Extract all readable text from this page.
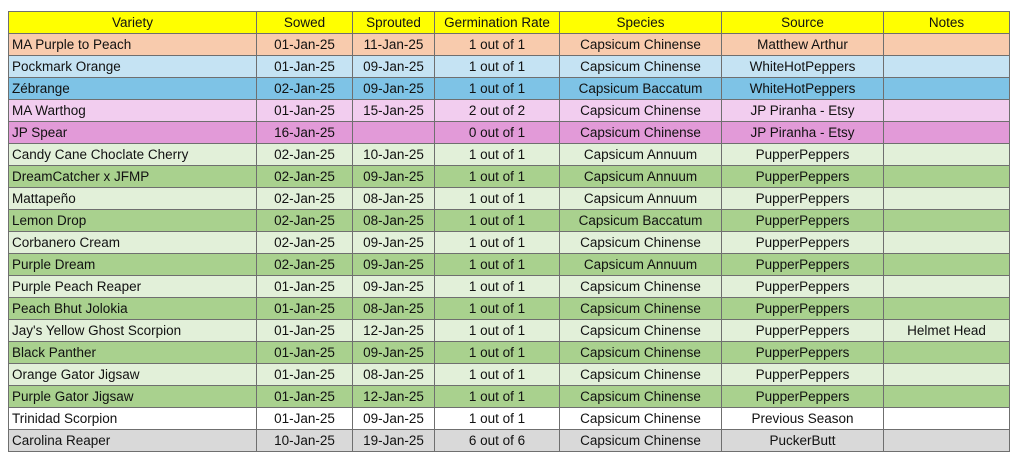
Variety	Sowed	Sprouted	Germination Rate	Species	Source	Notes
MA Purple to Peach	01-Jan-25	11-Jan-25	1 out of 1	Capsicum Chinense	Matthew Arthur	
Pockmark Orange	01-Jan-25	09-Jan-25	1 out of 1	Capsicum Chinense	WhiteHotPeppers	
Zébrange	02-Jan-25	09-Jan-25	1 out of 1	Capsicum Baccatum	WhiteHotPeppers	
MA Warthog	01-Jan-25	15-Jan-25	2 out of 2	Capsicum Chinense	JP Piranha - Etsy	
JP Spear	16-Jan-25		0 out of 1	Capsicum Chinense	JP Piranha - Etsy	
Candy Cane Choclate Cherry	02-Jan-25	10-Jan-25	1 out of 1	Capsicum Annuum	PupperPeppers	
DreamCatcher x JFMP	02-Jan-25	09-Jan-25	1 out of 1	Capsicum Annuum	PupperPeppers	
Mattapeño	02-Jan-25	08-Jan-25	1 out of 1	Capsicum Annuum	PupperPeppers	
Lemon Drop	02-Jan-25	08-Jan-25	1 out of 1	Capsicum Baccatum	PupperPeppers	
Corbanero Cream	02-Jan-25	09-Jan-25	1 out of 1	Capsicum Chinense	PupperPeppers	
Purple Dream	02-Jan-25	09-Jan-25	1 out of 1	Capsicum Annuum	PupperPeppers	
Purple Peach Reaper	01-Jan-25	09-Jan-25	1 out of 1	Capsicum Chinense	PupperPeppers	
Peach Bhut Jolokia	01-Jan-25	08-Jan-25	1 out of 1	Capsicum Chinense	PupperPeppers	
Jay's Yellow Ghost Scorpion	01-Jan-25	12-Jan-25	1 out of 1	Capsicum Chinense	PupperPeppers	Helmet Head
Black Panther	01-Jan-25	09-Jan-25	1 out of 1	Capsicum Chinense	PupperPeppers	
Orange Gator Jigsaw	01-Jan-25	08-Jan-25	1 out of 1	Capsicum Chinense	PupperPeppers	
Purple Gator Jigsaw	01-Jan-25	12-Jan-25	1 out of 1	Capsicum Chinense	PupperPeppers	
Trinidad Scorpion	01-Jan-25	09-Jan-25	1 out of 1	Capsicum Chinense	Previous Season	
Carolina Reaper	10-Jan-25	19-Jan-25	6 out of 6	Capsicum Chinense	PuckerButt	
